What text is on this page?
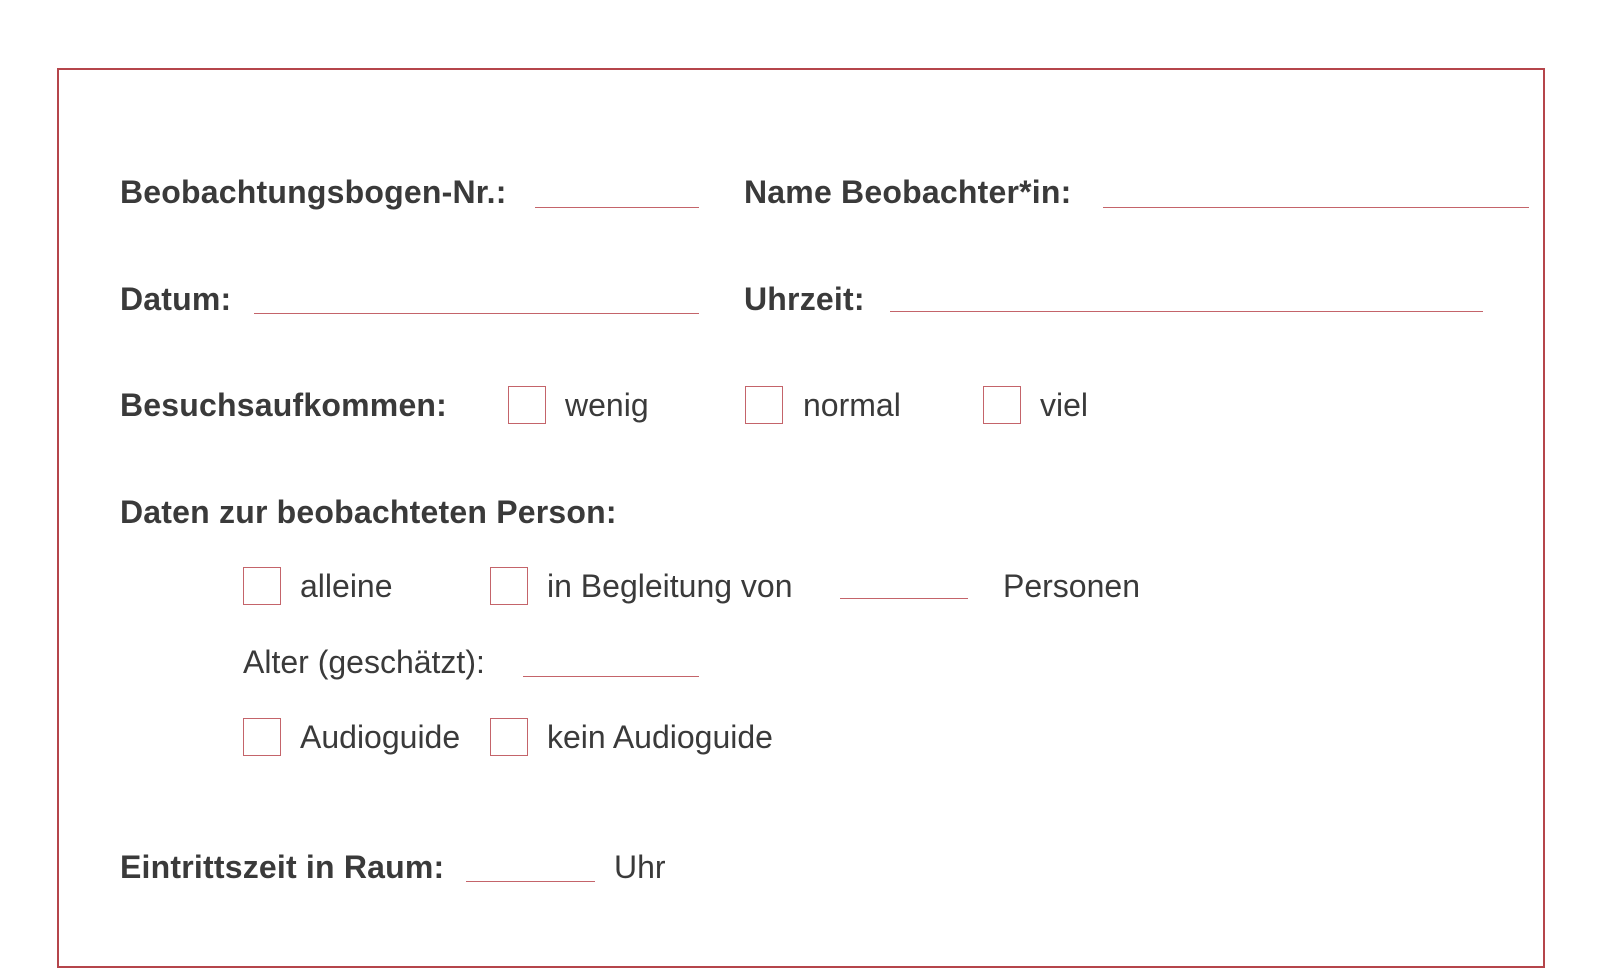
Beobachtungsbogen-Nr.:	Name Beobachter*in:
Datum:	Uhrzeit:
Besuchsaufkommen:	wenig	normal	viel
Daten zur beobachteten Person:
alleine	in Begleitung von	Personen
Alter (geschätzt):
Audioguide	kein Audioguide
Eintrittszeit in Raum:	Uhr
